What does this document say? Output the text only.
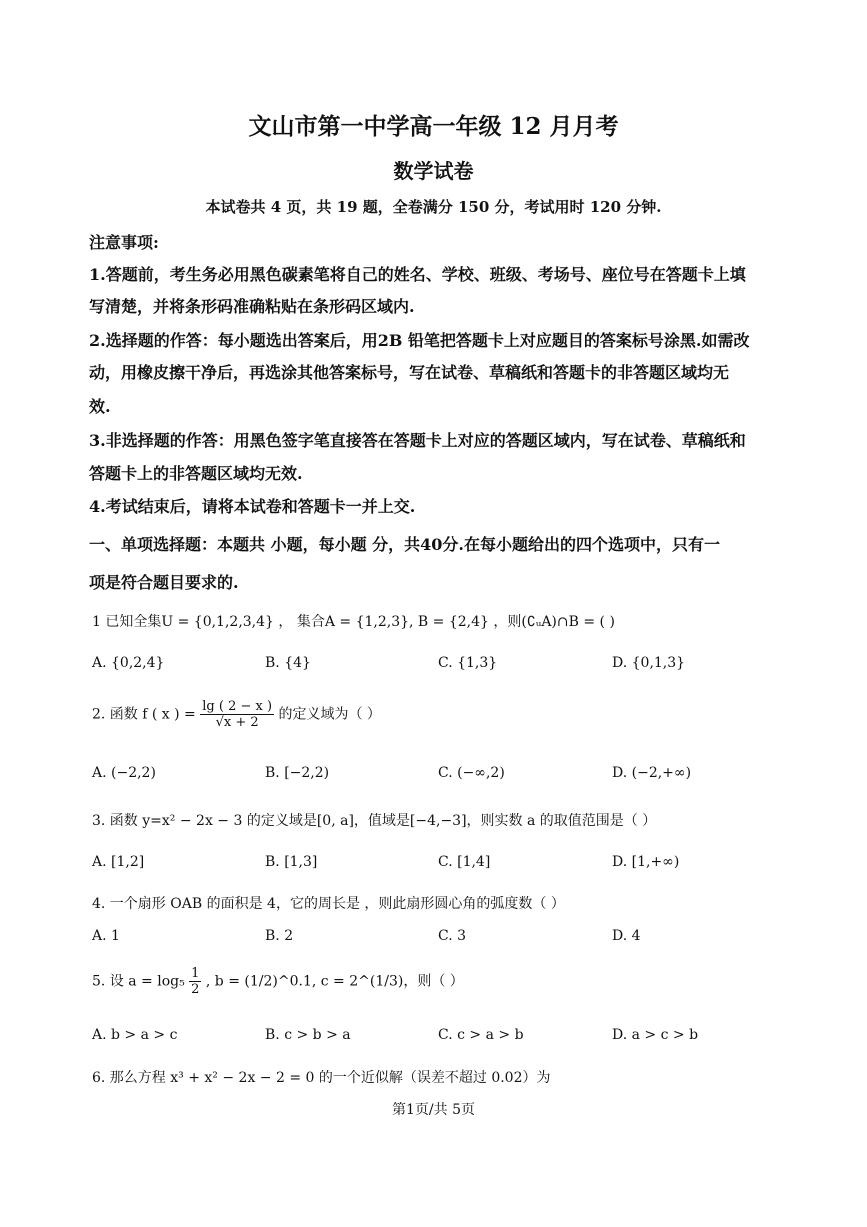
文山市第一中学高一年级 12 月月考
数学试卷
本试卷共 4 页，共 19 题，全卷满分 150 分，考试用时 120 分钟.
注意事项:
1.答题前，考生务必用黑色碳素笔将自己的姓名、学校、班级、考场号、座位号在答题卡上填
写清楚，并将条形码准确粘贴在条形码区域内.
2.选择题的作答：每小题选出答案后，用2B 铅笔把答题卡上对应题目的答案标号涂黑.如需改
动，用橡皮擦干净后，再选涂其他答案标号，写在试卷、草稿纸和答题卡的非答题区域均无
效.
3.非选择题的作答：用黑色签字笔直接答在答题卡上对应的答题区域内，写在试卷、草稿纸和
答题卡上的非答题区域均无效.
4.考试结束后，请将本试卷和答题卡一并上交.
一、单项选择题：本题共 小题，每小题 分，共40分.在每小题给出的四个选项中，只有一
项是符合题目要求的.
1 已知全集U = {0,1,2,3,4} ， 集合A = {1,2,3}, B = {2,4} ，则(∁ᵤA)∩B = ( )
A. {0,2,4}	B. {4}	C. {1,3}	D. {0,1,3}
2. 函数 f ( x ) = $\frac{\lg ( 2 - x )}{√x + 2}$ 的定义域为（ ）
A. (−2,2)	B. [−2,2)	C. (−∞,2)	D. (−2,+∞)
3. 函数 y=x² − 2x − 3 的定义域是[0, a]，值域是[−4,−3]，则实数 a 的取值范围是（ ）
A. [1,2]	B. [1,3]	C. [1,4]	D. [1,+∞)
4. 一个扇形 OAB 的面积是 4，它的周长是 ，则此扇形圆心角的弧度数（ ）
A. 1	B. 2	C. 3	D. 4
5. 设 $a = \log_5 \frac{1}{2}$ , b = (1/2)^0.1, c = 2^(1/3)，则（ ）
A. b > a > c	B. c > b > a	C. c > a > b	D. a > c > b
6. 那么方程 x³ + x² − 2x − 2 = 0 的一个近似解（误差不超过 0.02）为
第1页/共 5页
